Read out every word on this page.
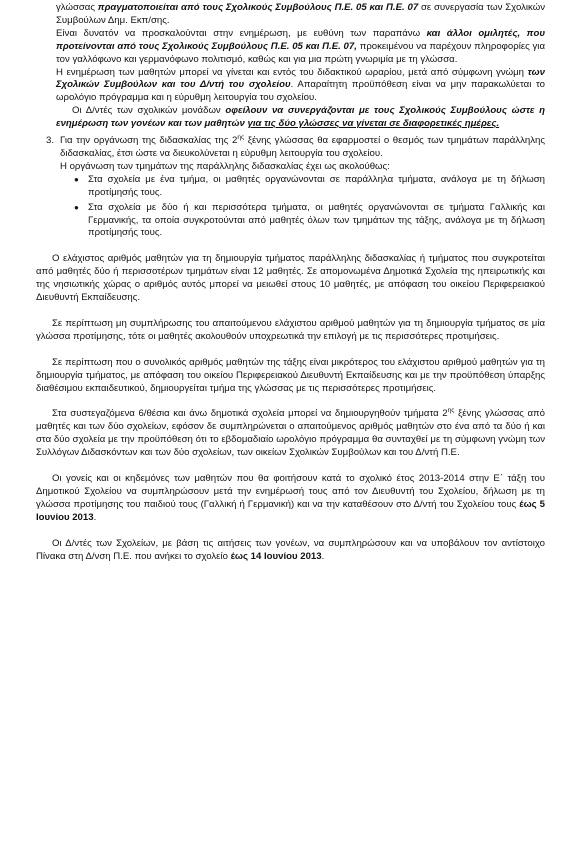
γλώσσας πραγματοποιείται από τους Σχολικούς Συμβούλους Π.Ε. 05 και Π.Ε. 07 σε συνεργασία των Σχολικών Συμβούλων Δημ. Εκπ/σης.

Είναι δυνατόν να προσκαλούνται στην ενημέρωση, με ευθύνη των παραπάνω και άλλοι ομιλητές, που προτείνονται από τους Σχολικούς Συμβούλους Π.Ε. 05 και Π.Ε. 07, προκειμένου να παρέχουν πληροφορίες για τον γαλλόφωνο και γερμανόφωνο πολιτισμό, καθώς και για μια πρώτη γνωριμία με τη γλώσσα.

Η ενημέρωση των μαθητών μπορεί να γίνεται και εντός του διδακτικού ωραρίου, μετά από σύμφωνη γνώμη των Σχολικών Συμβούλων και του Δ/ντή του σχολείου. Απαραίτητη προϋπόθεση είναι να μην παρακωλύεται το ωρολόγιο πρόγραμμα και η εύρυθμη λειτουργία του σχολείου.

Οι Δ/ντές των σχολικών μονάδων οφείλουν να συνεργάζονται με τους Σχολικούς Συμβούλους ώστε η ενημέρωση των γονέων και των μαθητών για τις δύο γλώσσες να γίνεται σε διαφορετικές ημέρες.

3. Για την οργάνωση της διδασκαλίας της $2^{\eta\varsigma}$ ξένης γλώσσας θα εφαρμοστεί ο θεσμός των τμημάτων παράλληλης διδασκαλίας, έτσι ώστε να διευκολύνεται η εύρυθμη λειτουργία του σχολείου.

Η οργάνωση των τμημάτων της παράλληλης διδασκαλίας έχει ως ακολούθως:

● Στα σχολεία με ένα τμήμα, οι μαθητές οργανώνονται σε παράλληλα τμήματα, ανάλογα με τη δήλωση προτίμησής τους.
● Στα σχολεία με δύο ή και περισσότερα τμήματα, οι μαθητές οργανώνονται σε τμήματα Γαλλικής και Γερμανικής, τα οποία συγκροτούνται από μαθητές όλων των τμημάτων της τάξης, ανάλογα με τη δήλωση προτίμησής τους.

Ο ελάχιστος αριθμός μαθητών για τη δημιουργία τμήματος παράλληλης διδασκαλίας ή τμήματος που συγκροτείται από μαθητές δύο ή περισσοτέρων τμημάτων είναι 12 μαθητές. Σε απομονωμένα Δημοτικά Σχολεία της ηπειρωτικής και της νησιωτικής χώρας ο αριθμός αυτός μπορεί να μειωθεί στους 10 μαθητές, με απόφαση του οικείου Περιφερειακού Διευθυντή Εκπαίδευσης.

Σε περίπτωση μη συμπλήρωσης του απαιτούμενου ελάχιστου αριθμού μαθητών για τη δημιουργία τμήματος σε μία γλώσσα προτίμησης, τότε οι μαθητές ακολουθούν υποχρεωτικά την επιλογή με τις περισσότερες προτιμήσεις.

Σε περίπτωση που ο συνολικός αριθμός μαθητών της τάξης είναι μικρότερος του ελάχιστου αριθμού μαθητών για τη δημιουργία τμήματος, με απόφαση του οικείου Περιφερειακού Διευθυντή Εκπαίδευσης και με την προϋπόθεση ύπαρξης διαθέσιμου εκπαιδευτικού, δημιουργείται τμήμα της γλώσσας με τις περισσότερες προτιμήσεις.

Στα συστεγαζόμενα 6/θέσια και άνω δημοτικά σχολεία μπορεί να δημιουργηθούν τμήματα $2^{\eta\varsigma}$ ξένης γλώσσας από μαθητές και των δύο σχολείων, εφόσον δε συμπληρώνεται ο απαιτούμενος αριθμός μαθητών στο ένα από τα δύο ή και στα δύο σχολεία με την προϋπόθεση ότι το εβδομαδιαίο ωρολόγιο πρόγραμμα θα συνταχθεί με τη σύμφωνη γνώμη των Συλλόγων Διδασκόντων και των δύο σχολείων, των οικείων Σχολικών Συμβούλων και του Δ/ντή Π.Ε.

Οι γονείς και οι κηδεμόνες των μαθητών που θα φοιτήσουν κατά το σχολικό έτος 2013-2014 στην Ε΄ τάξη του Δημοτικού Σχολείου να συμπληρώσουν μετά την ενημέρωσή τους από τον Διευθυντή του Σχολείου, δήλωση με τη γλώσσα προτίμησης του παιδιού τους (Γαλλική ή Γερμανική) και να την καταθέσουν στο Δ/ντή του Σχολείου τους έως 5 Ιουνίου 2013.

Οι Δ/ντές των Σχολείων, με βάση τις αιτήσεις των γονέων, να συμπληρώσουν και να υποβάλουν τον αντίστοιχο Πίνακα στη Δ/νση Π.Ε. που ανήκει το σχολείο έως 14 Ιουνίου 2013.
